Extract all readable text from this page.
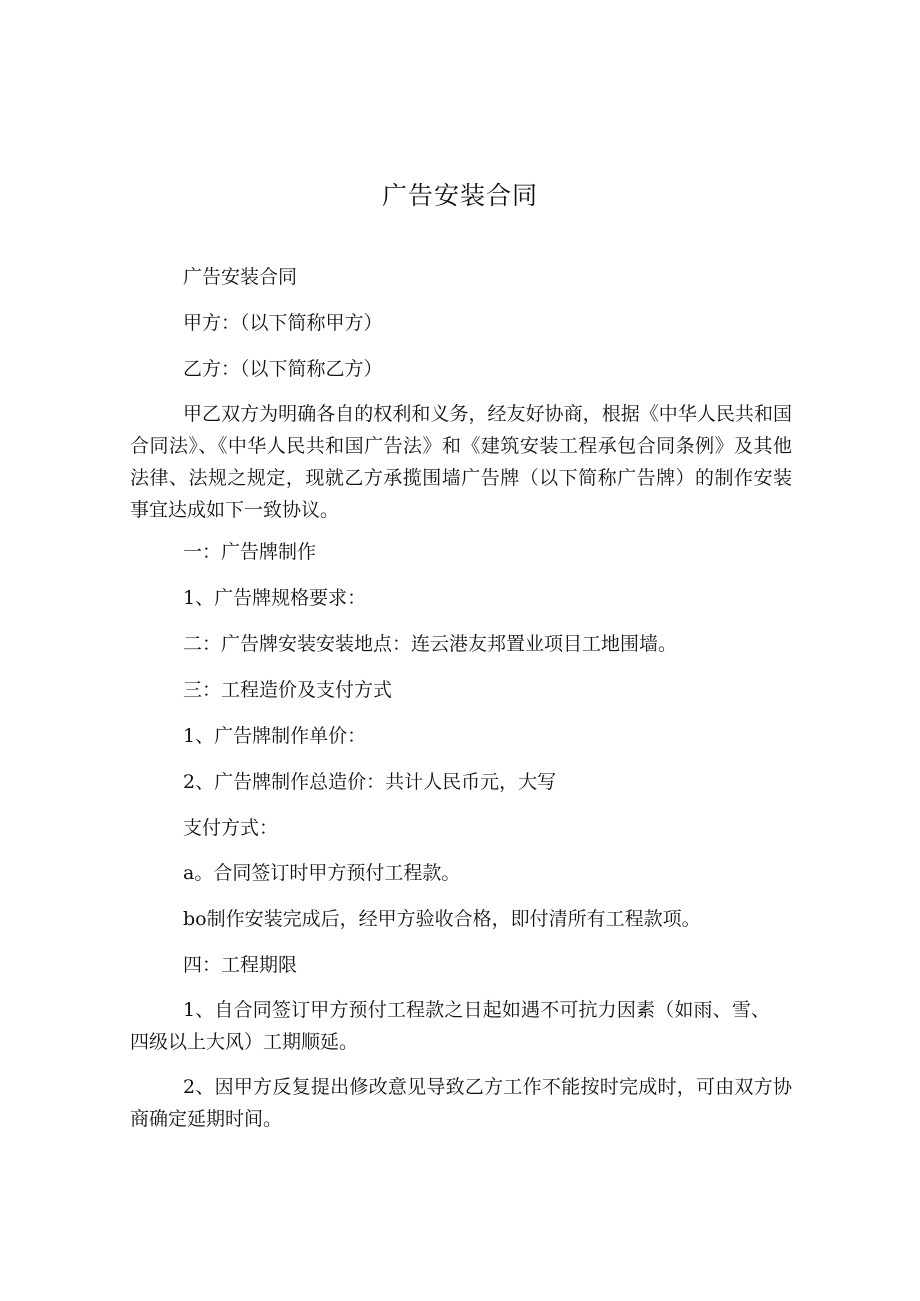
广告安装合同
广告安装合同
甲方：（以下简称甲方）
乙方：（以下简称乙方）
甲乙双方为明确各自的权利和义务，经友好协商，根据《中华人民共和国合同法》、《中华人民共和国广告法》和《建筑安装工程承包合同条例》及其他法律、法规之规定，现就乙方承揽围墙广告牌（以下简称广告牌）的制作安装事宜达成如下一致协议。
一：广告牌制作
1、广告牌规格要求：
二：广告牌安装安装地点：连云港友邦置业项目工地围墙。
三：工程造价及支付方式
1、广告牌制作单价：
2、广告牌制作总造价：共计人民币元，大写
支付方式：
a。合同签订时甲方预付工程款。
bo制作安装完成后，经甲方验收合格，即付清所有工程款项。
四：工程期限
1、自合同签订甲方预付工程款之日起如遇不可抗力因素（如雨、雪、四级以上大风）工期顺延。
2、因甲方反复提出修改意见导致乙方工作不能按时完成时，可由双方协商确定延期时间。
